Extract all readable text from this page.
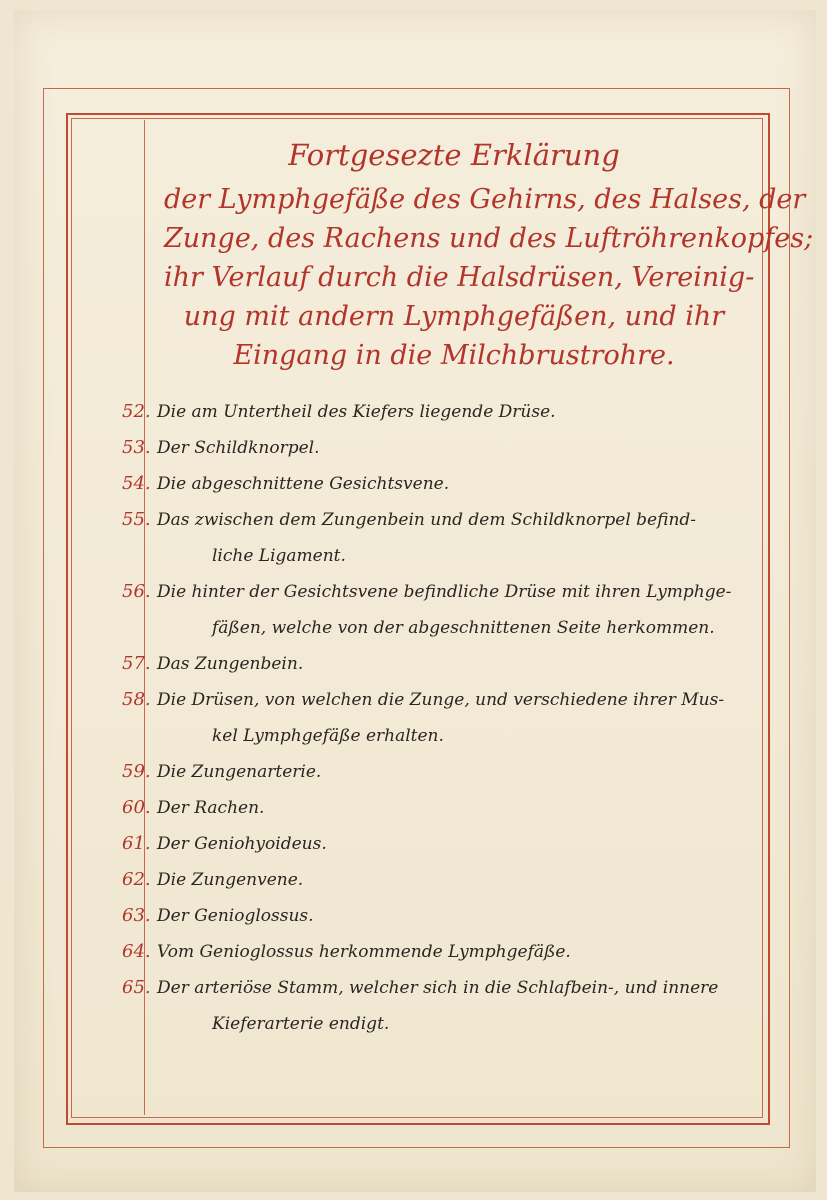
Fortgesezte Erklärung
der Lymphgefäße des Gehirns, des Halses, der
Zunge, des Rachens und des Luftröhrenkopfes;
ihr Verlauf durch die Halsdrüsen, Vereinig-
ung mit andern Lymphgefäßen, und ihr
Eingang in die Milchbrustrohre.
52. Die am Untertheil des Kiefers liegende Drüse.
53. Der Schildknorpel.
54. Die abgeschnittene Gesichtsvene.
55. Das zwischen dem Zungenbein und dem Schildknorpel befind-
liche Ligament.
56. Die hinter der Gesichtsvene befindliche Drüse mit ihren Lymphge-
fäßen, welche von der abgeschnittenen Seite herkommen.
57. Das Zungenbein.
58. Die Drüsen, von welchen die Zunge, und verschiedene ihrer Mus-
kel Lymphgefäße erhalten.
59. Die Zungenarterie.
60. Der Rachen.
61. Der Geniohyoideus.
62. Die Zungenvene.
63. Der Genioglossus.
64. Vom Genioglossus herkommende Lymphgefäße.
65. Der arteriöse Stamm, welcher sich in die Schlafbein-, und innere
Kieferarterie endigt.
